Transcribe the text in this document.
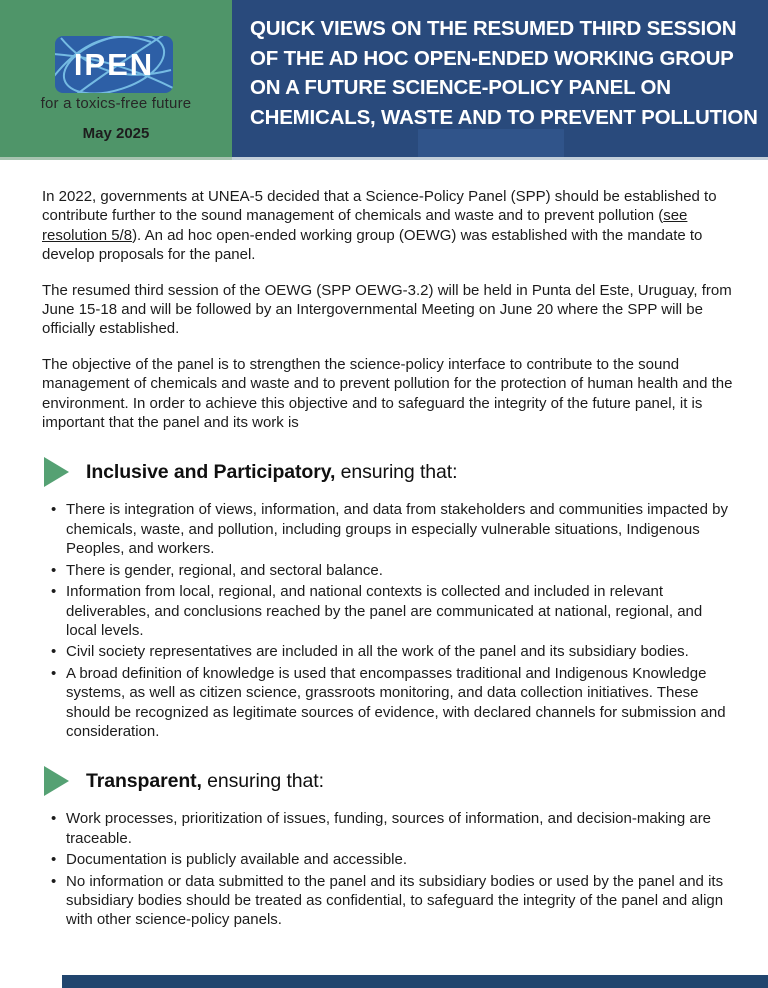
IPEN
for a toxics-free future
May 2025
QUICK VIEWS ON THE RESUMED THIRD SESSION
OF THE AD HOC OPEN-ENDED WORKING GROUP
ON A FUTURE SCIENCE-POLICY PANEL ON
CHEMICALS, WASTE AND TO PREVENT POLLUTION

In 2022, governments at UNEA-5 decided that a Science-Policy Panel (SPP) should be established to contribute further to the sound management of chemicals and waste and to prevent pollution (see resolution 5/8). An ad hoc open-ended working group (OEWG) was established with the mandate to develop proposals for the panel.

The resumed third session of the OEWG (SPP OEWG-3.2) will be held in Punta del Este, Uruguay, from June 15-18 and will be followed by an Intergovernmental Meeting on June 20 where the SPP will be officially established.

The objective of the panel is to strengthen the science-policy interface to contribute to the sound management of chemicals and waste and to prevent pollution for the protection of human health and the environment. In order to achieve this objective and to safeguard the integrity of the future panel, it is important that the panel and its work is

Inclusive and Participatory, ensuring that:
•
There is integration of views, information, and data from stakeholders and communities impacted by chemicals, waste, and pollution, including groups in especially vulnerable situations, Indigenous Peoples, and workers.
•
There is gender, regional, and sectoral balance.
•
Information from local, regional, and national contexts is collected and included in relevant deliverables, and conclusions reached by the panel are communicated at national, regional, and local levels.
•
Civil society representatives are included in all the work of the panel and its subsidiary bodies.
•
A broad definition of knowledge is used that encompasses traditional and Indigenous Knowledge systems, as well as citizen science, grassroots monitoring, and data collection initiatives. These should be recognized as legitimate sources of evidence, with declared channels for submission and consideration.
Transparent, ensuring that:
•
Work processes, prioritization of issues, funding, sources of information, and decision-making are traceable.
•
Documentation is publicly available and accessible.
•
No information or data submitted to the panel and its subsidiary bodies or used by the panel and its subsidiary bodies should be treated as confidential, to safeguard the integrity of the panel and align with other science-policy panels.
